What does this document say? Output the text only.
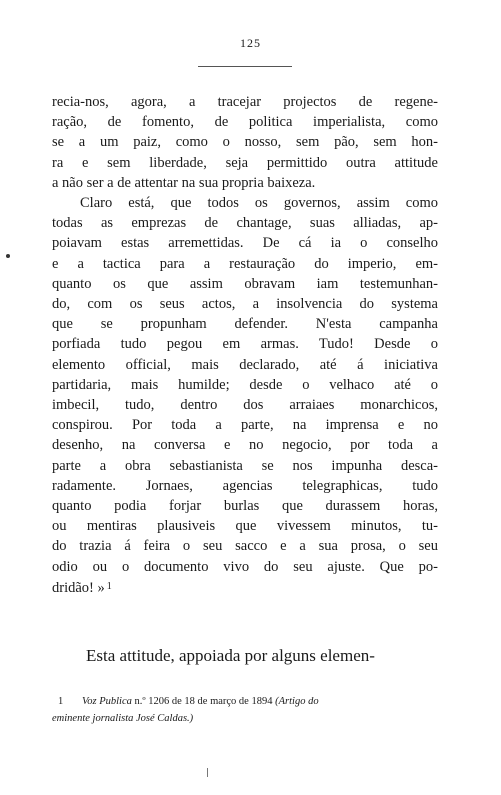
125
recia-nos, agora, a tracejar projectos de regene-
ração, de fomento, de politica imperialista, como
se a um paiz, como o nosso, sem pão, sem hon-
ra e sem liberdade, seja permittido outra attitude
a não ser a de attentar na sua propria baixeza.
Claro está, que todos os governos, assim como
todas as emprezas de chantage, suas alliadas, ap-
poiavam estas arremettidas. De cá ia o conselho
e a tactica para a restauração do imperio, em-
quanto os que assim obravam iam testemunhan-
do, com os seus actos, a insolvencia do systema
que se propunham defender. N'esta campanha
porfiada tudo pegou em armas. Tudo! Desde o
elemento official, mais declarado, até á iniciativa
partidaria, mais humilde; desde o velhaco até o
imbecil, tudo, dentro dos arraiaes monarchicos,
conspirou. Por toda a parte, na imprensa e no
desenho, na conversa e no negocio, por toda a
parte a obra sebastianista se nos impunha desca-
radamente. Jornaes, agencias telegraphicas, tudo
quanto podia forjar burlas que durassem horas,
ou mentiras plausiveis que vivessem minutos, tu-
do trazia á feira o seu sacco e a sua prosa, o seu
odio ou o documento vivo do seu ajuste. Que po-
dridão! » $^1$
Esta attitude, appoiada por alguns elemen-
1 Voz Publica n.º 1206 de 18 de março de 1894 (Artigo do
eminente jornalista José Caldas.)
